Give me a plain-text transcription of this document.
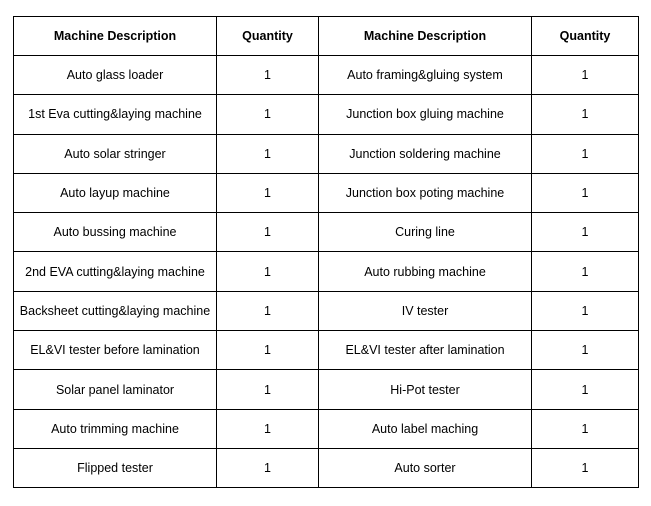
Machine Description	Quantity	Machine Description	Quantity
Auto glass loader	1	Auto framing&gluing system	1
1st Eva cutting&laying machine	1	Junction box gluing machine	1
Auto solar stringer	1	Junction soldering machine	1
Auto layup machine	1	Junction box poting machine	1
Auto bussing machine	1	Curing line	1
2nd EVA cutting&laying machine	1	Auto rubbing machine	1
Backsheet cutting&laying machine	1	IV tester	1
EL&VI tester before lamination	1	EL&VI tester after lamination	1
Solar panel laminator	1	Hi-Pot tester	1
Auto trimming machine	1	Auto label maching	1
Flipped tester	1	Auto sorter	1
